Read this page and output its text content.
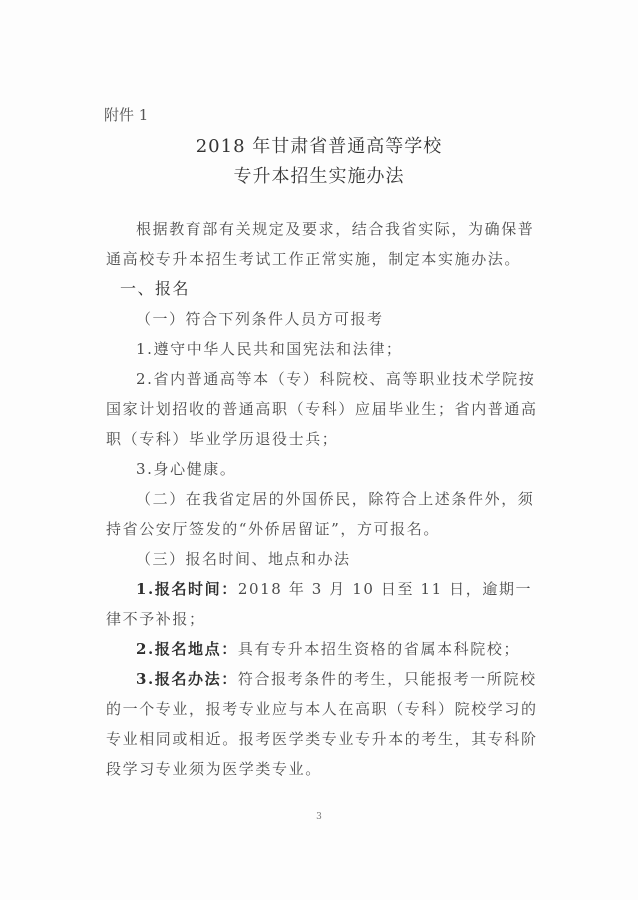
附件 1
2018 年甘肃省普通高等学校
专升本招生实施办法

根据教育部有关规定及要求，结合我省实际，为确保普通高校专升本招生考试工作正常实施，制定本实施办法。

一、报名

（一）符合下列条件人员方可报考

1.遵守中华人民共和国宪法和法律；

2.省内普通高等本（专）科院校、高等职业技术学院按国家计划招收的普通高职（专科）应届毕业生；省内普通高职（专科）毕业学历退役士兵；

3.身心健康。

（二）在我省定居的外国侨民，除符合上述条件外，须持省公安厅签发的“外侨居留证”，方可报名。

（三）报名时间、地点和办法

1.报名时间：2018 年 3 月 10 日至 11 日，逾期一律不予补报；

2.报名地点：具有专升本招生资格的省属本科院校；

3.报名办法：符合报考条件的考生，只能报考一所院校的一个专业，报考专业应与本人在高职（专科）院校学习的专业相同或相近。报考医学类专业专升本的考生，其专科阶段学习专业须为医学类专业。

3
